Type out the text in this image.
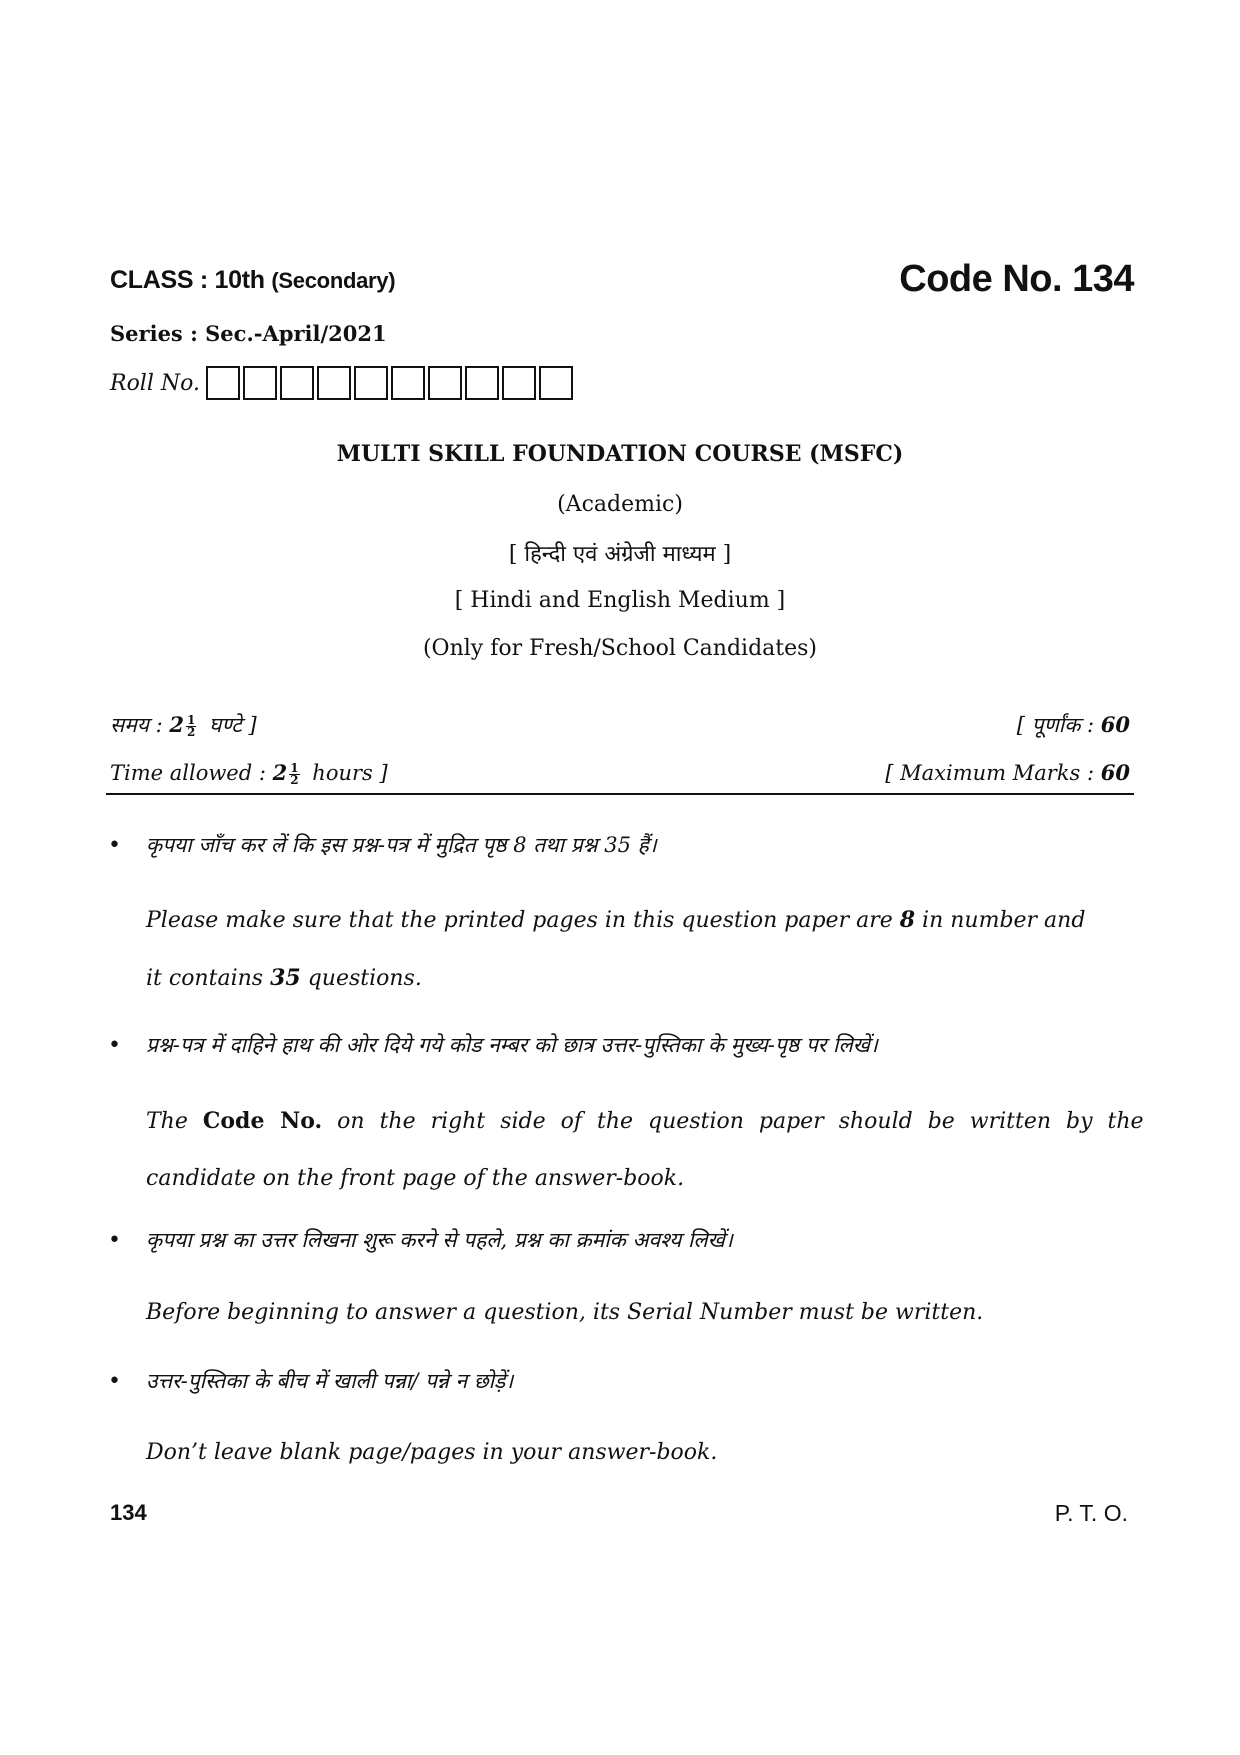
CLASS : 10th (Secondary)	Code No. 134
Series : Sec.-April/2021
Roll No.
MULTI SKILL FOUNDATION COURSE (MSFC)
(Academic)
[ हिन्दी एवं अंग्रेजी माध्यम ]
[ Hindi and English Medium ]
(Only for Fresh/School Candidates)
समय : $2 \frac{1}{2}$ घण्टे ]	[ पूर्णांक : 60
Time allowed : $2 \frac{1}{2}$ hours ]	[ Maximum Marks : 60
• कृपया जाँच कर लें कि इस प्रश्न-पत्र में मुद्रित पृष्ठ 8 तथा प्रश्न 35 हैं।
Please make sure that the printed pages in this question paper are 8 in number and
it contains 35 questions.
• प्रश्न-पत्र में दाहिने हाथ की ओर दिये गये कोड नम्बर को छात्र उत्तर-पुस्तिका के मुख्य-पृष्ठ पर लिखें।
The Code No. on the right side of the question paper should be written by the
candidate on the front page of the answer-book.
• कृपया प्रश्न का उत्तर लिखना शुरू करने से पहले, प्रश्न का क्रमांक अवश्य लिखें।
Before beginning to answer a question, its Serial Number must be written.
• उत्तर-पुस्तिका के बीच में खाली पन्ना/ पन्ने न छोड़ें।
Don’t leave blank page/pages in your answer-book.
134	P. T. O.
